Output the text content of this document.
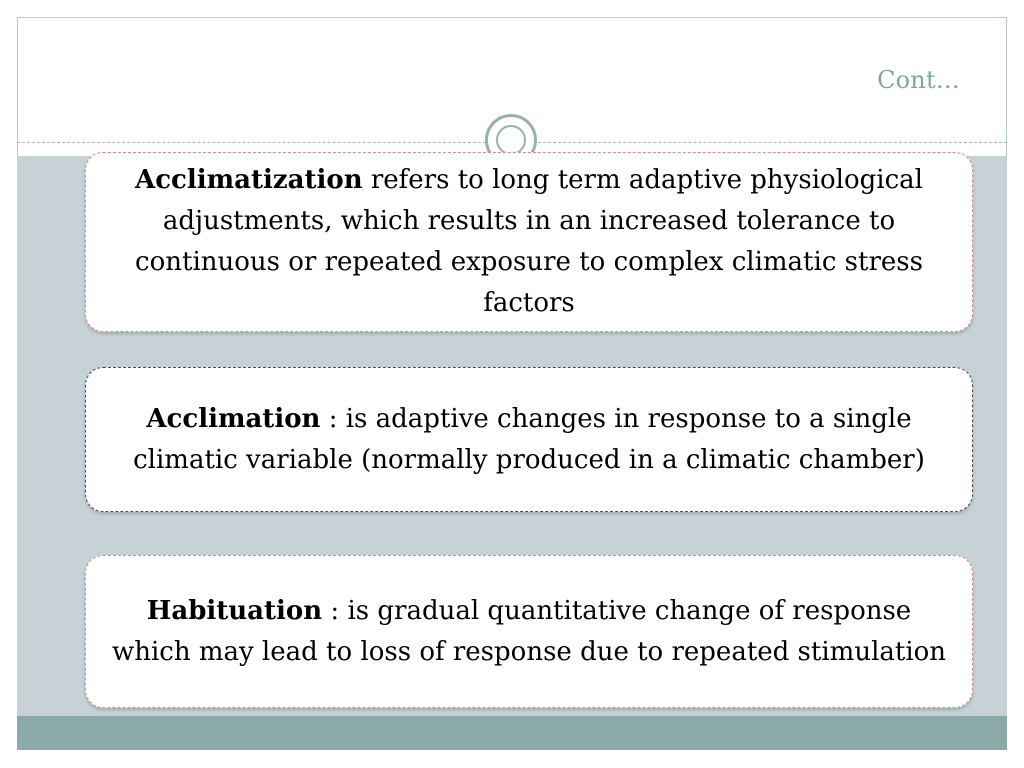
Cont…

Acclimatization refers to long term adaptive physiological adjustments, which results in an increased tolerance to continuous or repeated exposure to complex climatic stress factors

Acclimation : is adaptive changes in response to a single climatic variable (normally produced in a climatic chamber)

Habituation : is gradual quantitative change of response which may lead to loss of response due to repeated stimulation
